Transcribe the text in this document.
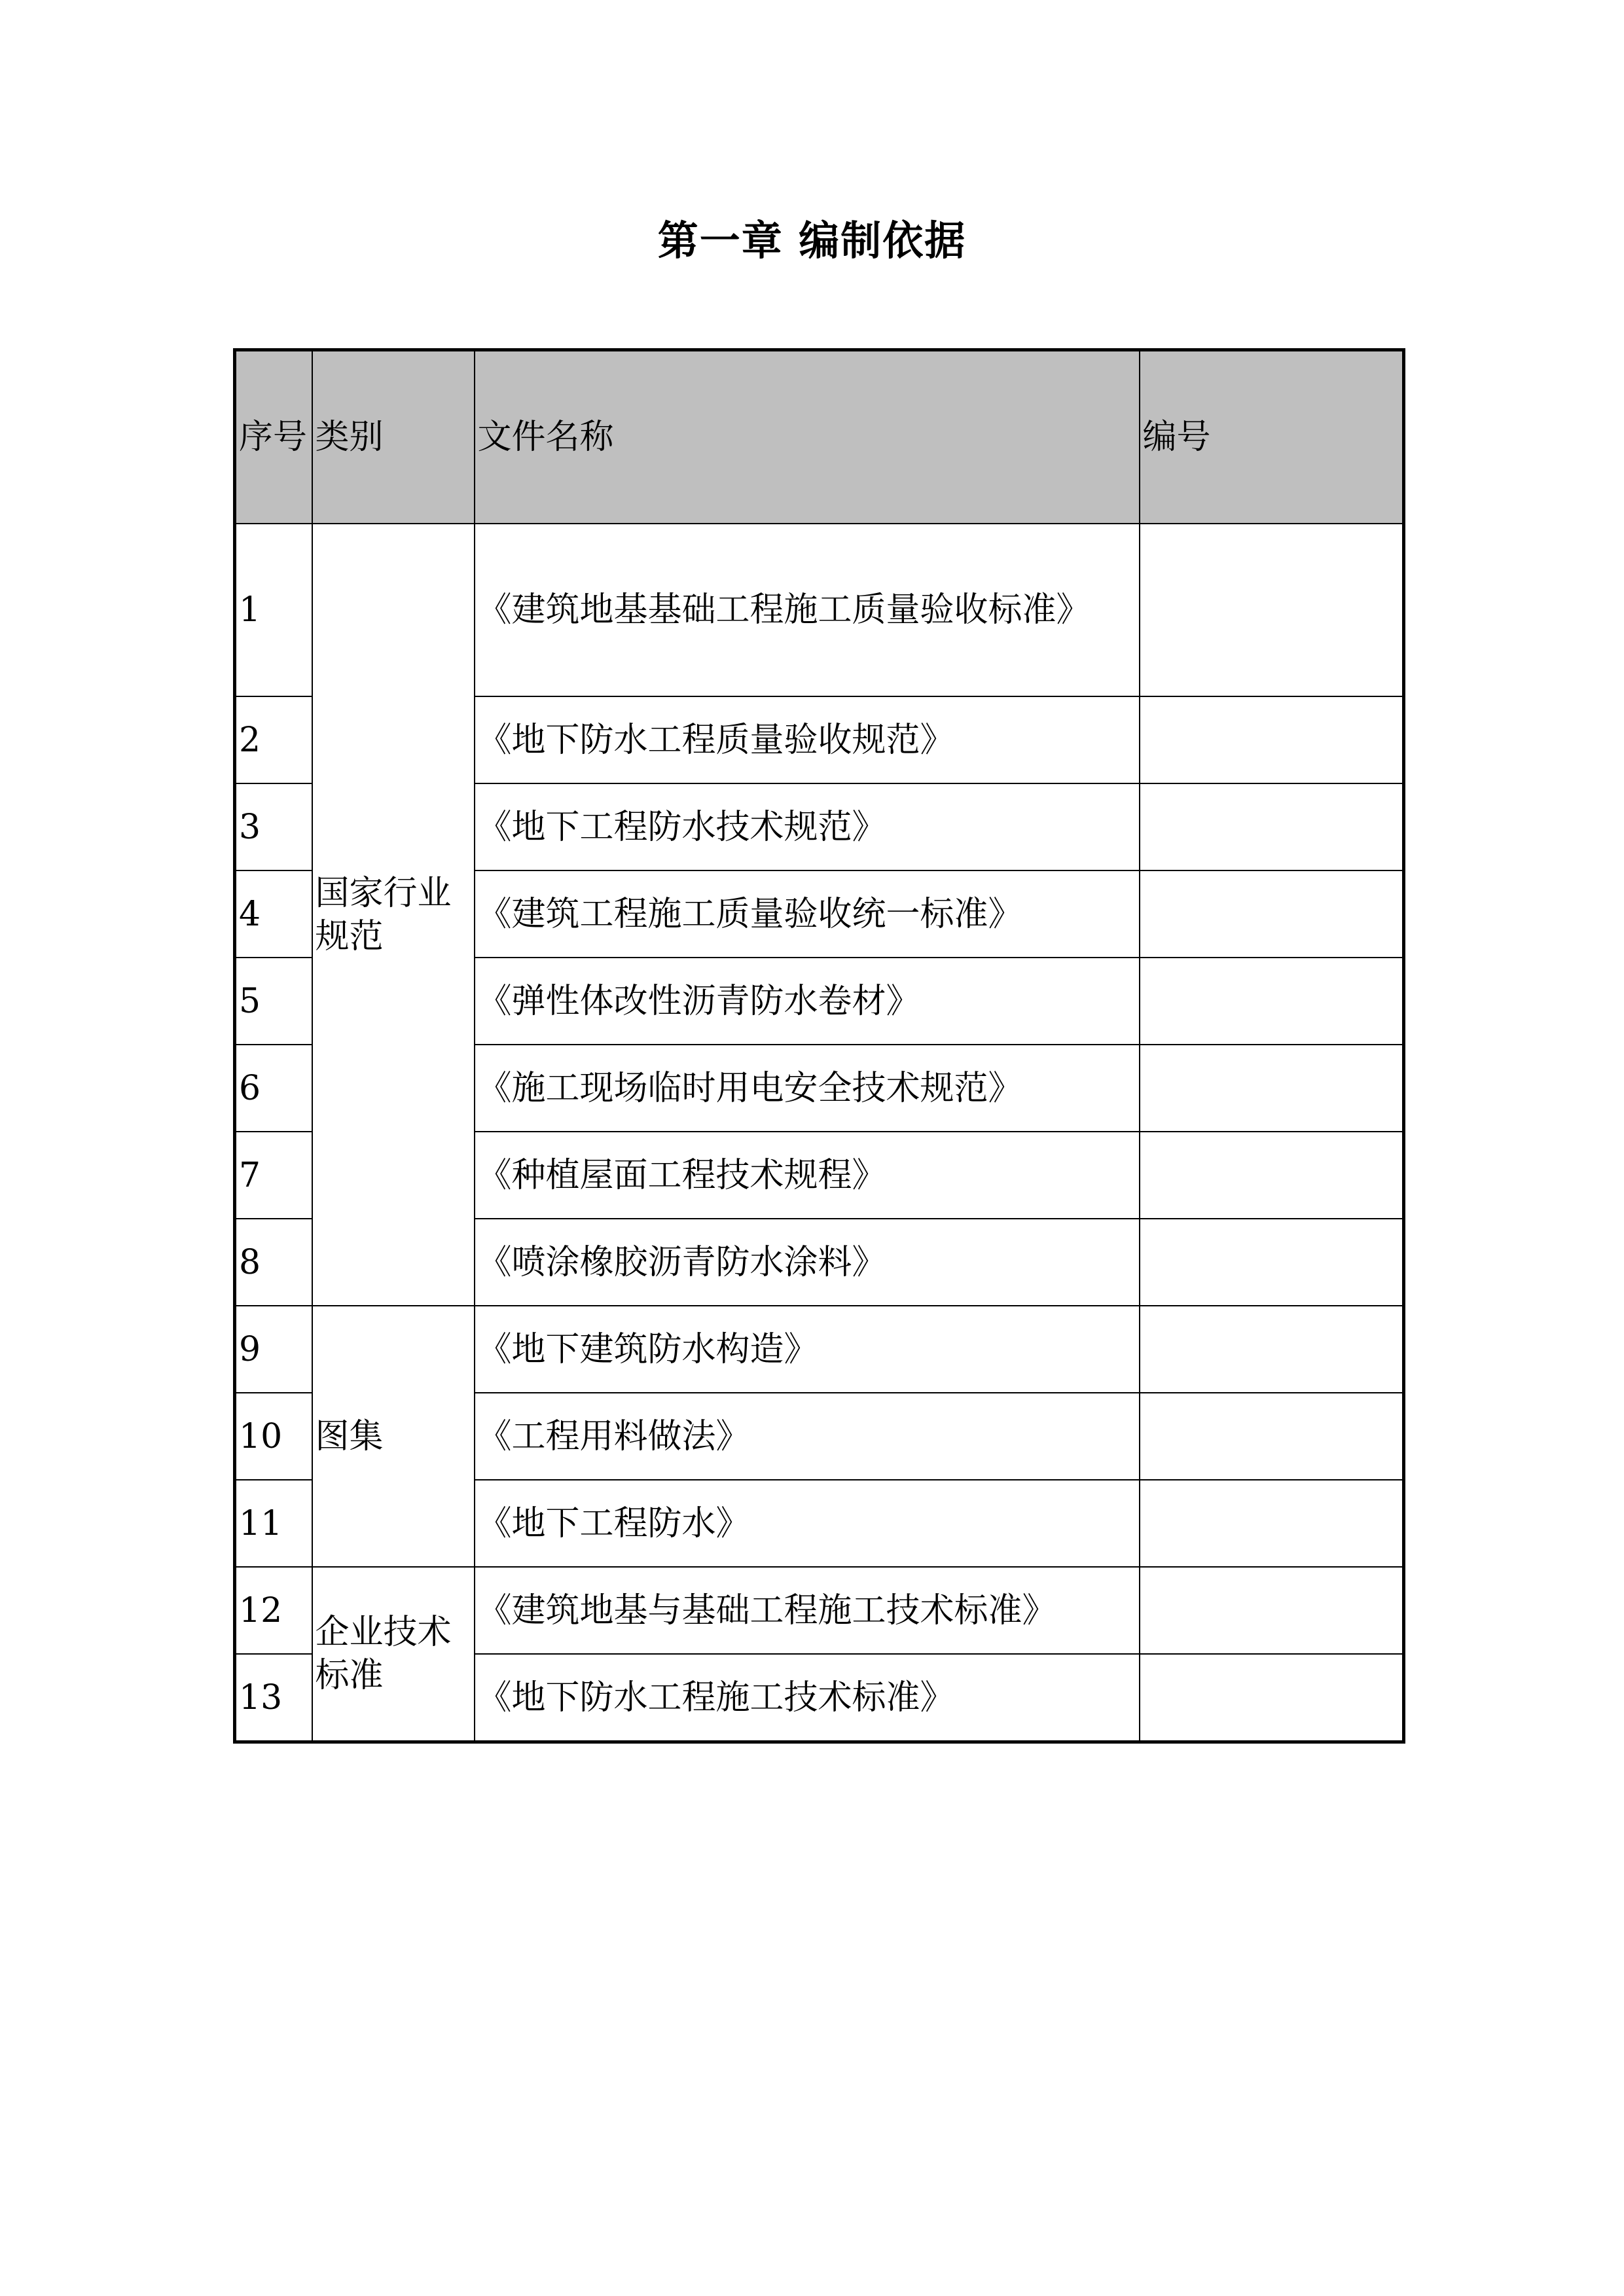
第一章 编制依据
序号	类别	文件名称	编号
1	国家行业规范	《建筑地基基础工程施工质量验收标准》	
2		《地下防水工程质量验收规范》	
3		《地下工程防水技术规范》	
4		《建筑工程施工质量验收统一标准》	
5		《弹性体改性沥青防水卷材》	
6		《施工现场临时用电安全技术规范》	
7		《种植屋面工程技术规程》	
8		《喷涂橡胶沥青防水涂料》	
9	图集	《地下建筑防水构造》	
10		《工程用料做法》	
11		《地下工程防水》	
12	企业技术标准	《建筑地基与基础工程施工技术标准》	
13		《地下防水工程施工技术标准》	
